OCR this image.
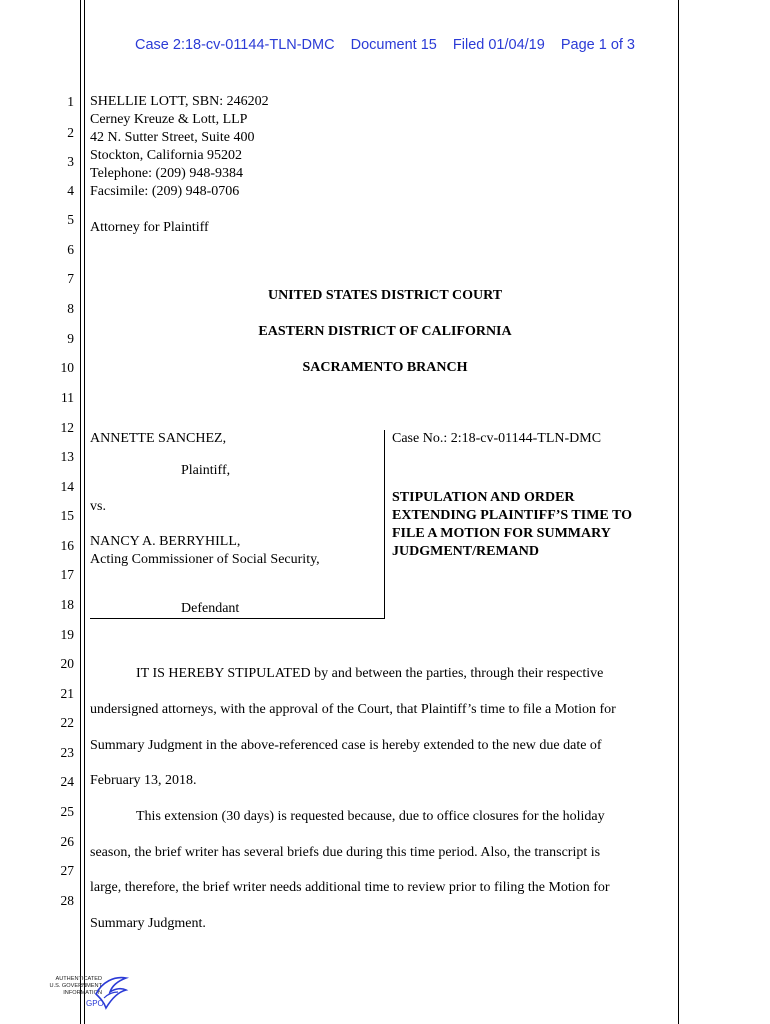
Case 2:18-cv-01144-TLN-DMC Document 15 Filed 01/04/19 Page 1 of 3
1
2
3
4
5
6
7
8
9
10
11
12
13
14
15
16
17
18
19
20
21
22
23
24
25
26
27
28
SHELLIE LOTT, SBN: 246202
Cerney Kreuze & Lott, LLP
42 N. Sutter Street, Suite 400
Stockton, California 95202
Telephone: (209) 948-9384
Facsimile: (209) 948-0706
Attorney for Plaintiff
UNITED STATES DISTRICT COURT
EASTERN DISTRICT OF CALIFORNIA
SACRAMENTO BRANCH
ANNETTE SANCHEZ,
Plaintiff,
vs.
NANCY A. BERRYHILL,
Acting Commissioner of Social Security,
Defendant
Case No.: 2:18-cv-01144-TLN-DMC
STIPULATION AND ORDER
EXTENDING PLAINTIFF’S TIME TO
FILE A MOTION FOR SUMMARY
JUDGMENT/REMAND
IT IS HEREBY STIPULATED by and between the parties, through their respective
undersigned attorneys, with the approval of the Court, that Plaintiff’s time to file a Motion for
Summary Judgment in the above-referenced case is hereby extended to the new due date of
February 13, 2018.
This extension (30 days) is requested because, due to office closures for the holiday
season, the brief writer has several briefs due during this time period. Also, the transcript is
large, therefore, the brief writer needs additional time to review prior to filing the Motion for
Summary Judgment.
AUTHENTICATED
U.S. GOVERNMENT
INFORMATION
GPO
